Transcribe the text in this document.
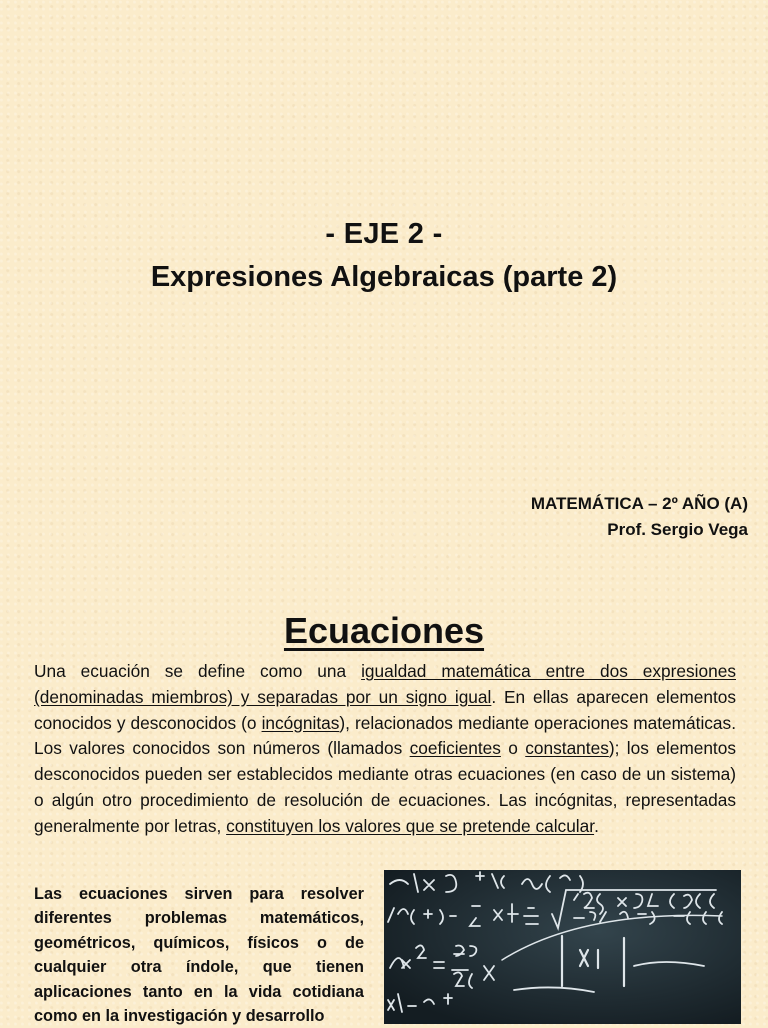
- EJE 2 -
Expresiones Algebraicas (parte 2)
MATEMÁTICA – 2º AÑO (A)
Prof. Sergio Vega
Ecuaciones
Una ecuación se define como una igualdad matemática entre dos expresiones (denominadas miembros) y separadas por un signo igual. En ellas aparecen elementos conocidos y desconocidos (o incógnitas), relacionados mediante operaciones matemáticas. Los valores conocidos son números (llamados coeficientes o constantes); los elementos desconocidos pueden ser establecidos mediante otras ecuaciones (en caso de un sistema) o algún otro procedimiento de resolución de ecuaciones. Las incógnitas, representadas generalmente por letras, constituyen los valores que se pretende calcular.
Las ecuaciones sirven para resolver diferentes problemas matemáticos, geométricos, químicos, físicos o de cualquier otra índole, que tienen aplicaciones tanto en la vida cotidiana como en la investigación y desarrollo
